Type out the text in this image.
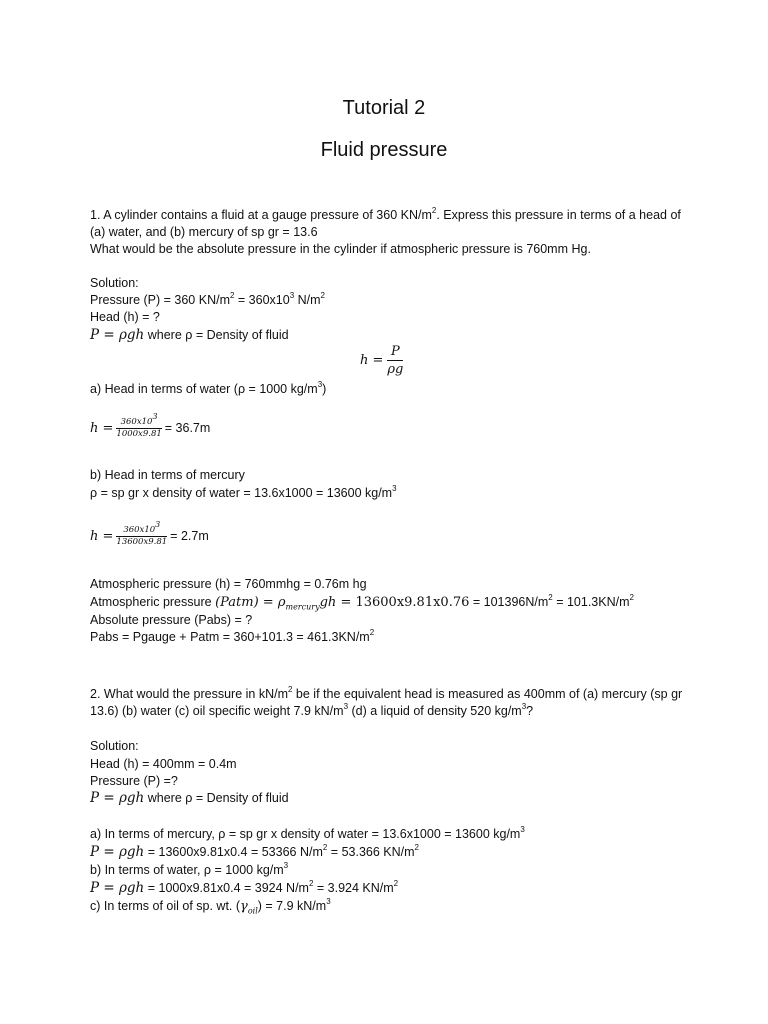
Tutorial 2
Fluid pressure
1. A cylinder contains a fluid at a gauge pressure of 360 $KN/m^2$. Express this pressure in terms of a head of (a) water, and (b) mercury of sp gr = 13.6
What would be the absolute pressure in the cylinder if atmospheric pressure is 760mm Hg.
Solution:
Pressure (P) = 360 $KN/m^2 = 360x10^3$ $N/m^2$
Head (h) = ?
P = ρgh where ρ = Density of fluid
$h = \frac{P}{\rho g}$
a) Head in terms of water (ρ = 1000 $kg/m^3$)
$h = \frac{360x10^3}{1000x9.81} = 36.7m$
b) Head in terms of mercury
ρ = sp gr x density of water = 13.6x1000 = 13600 $kg/m^3$
$h = \frac{360x10^3}{13600x9.81} = 2.7m$
Atmospheric pressure (h) = 760mmhg = 0.76m hg
Atmospheric pressure (Patm) = $\rho_{mercury}gh = 13600x9.81x0.76 = 101396N/m^2 = 101.3KN/m^2$
Absolute pressure (Pabs) = ?
Pabs = Pgauge + Patm = $360+101.3 = 461.3KN/m^2$
2. What would the pressure in $kN/m^2$ be if the equivalent head is measured as 400mm of (a) mercury (sp gr 13.6) (b) water (c) oil specific weight 7.9 $kN/m^3$ (d) a liquid of density 520 $kg/m^3$?
Solution:
Head (h) = 400mm = 0.4m
Pressure (P) =?
P = ρgh where ρ = Density of fluid
a) In terms of mercury, ρ = sp gr x density of water = 13.6x1000 = 13600 $kg/m^3$
P = ρgh = 13600x9.81x0.4 = 53366 $N/m^2 = 53.366$ $KN/m^2$
b) In terms of water, ρ = 1000 $kg/m^3$
P = ρgh = 1000x9.81x0.4 = 3924 $N/m^2 = 3.924$ $KN/m^2$
c) In terms of oil of sp. wt. $(\gamma_{oil}) = 7.9$ $kN/m^3$
